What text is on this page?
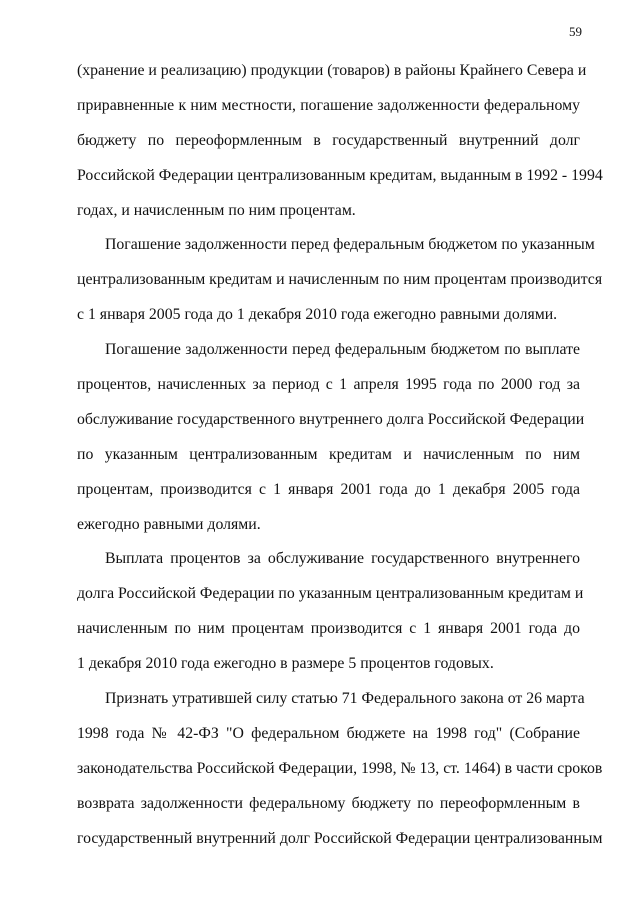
59
(хранение и реализацию) продукции (товаров) в районы Крайнего Севера и
приравненные к ним местности, погашение задолженности федеральному
бюджету по переоформленным в государственный внутренний долг
Российской Федерации централизованным кредитам, выданным в 1992 - 1994
годах, и начисленным по ним процентам.
Погашение задолженности перед федеральным бюджетом по указанным
централизованным кредитам и начисленным по ним процентам производится
с 1 января 2005 года до 1 декабря 2010 года ежегодно равными долями.
Погашение задолженности перед федеральным бюджетом по выплате
процентов, начисленных за период с 1 апреля 1995 года по 2000 год за
обслуживание государственного внутреннего долга Российской Федерации
по указанным централизованным кредитам и начисленным по ним
процентам, производится с 1 января 2001 года до 1 декабря 2005 года
ежегодно равными долями.
Выплата процентов за обслуживание государственного внутреннего
долга Российской Федерации по указанным централизованным кредитам и
начисленным по ним процентам производится с 1 января 2001 года до
1 декабря 2010 года ежегодно в размере 5 процентов годовых.
Признать утратившей силу статью 71 Федерального закона от 26 марта
1998 года № 42-ФЗ "О федеральном бюджете на 1998 год" (Собрание
законодательства Российской Федерации, 1998, № 13, ст. 1464) в части сроков
возврата задолженности федеральному бюджету по переоформленным в
государственный внутренний долг Российской Федерации централизованным
